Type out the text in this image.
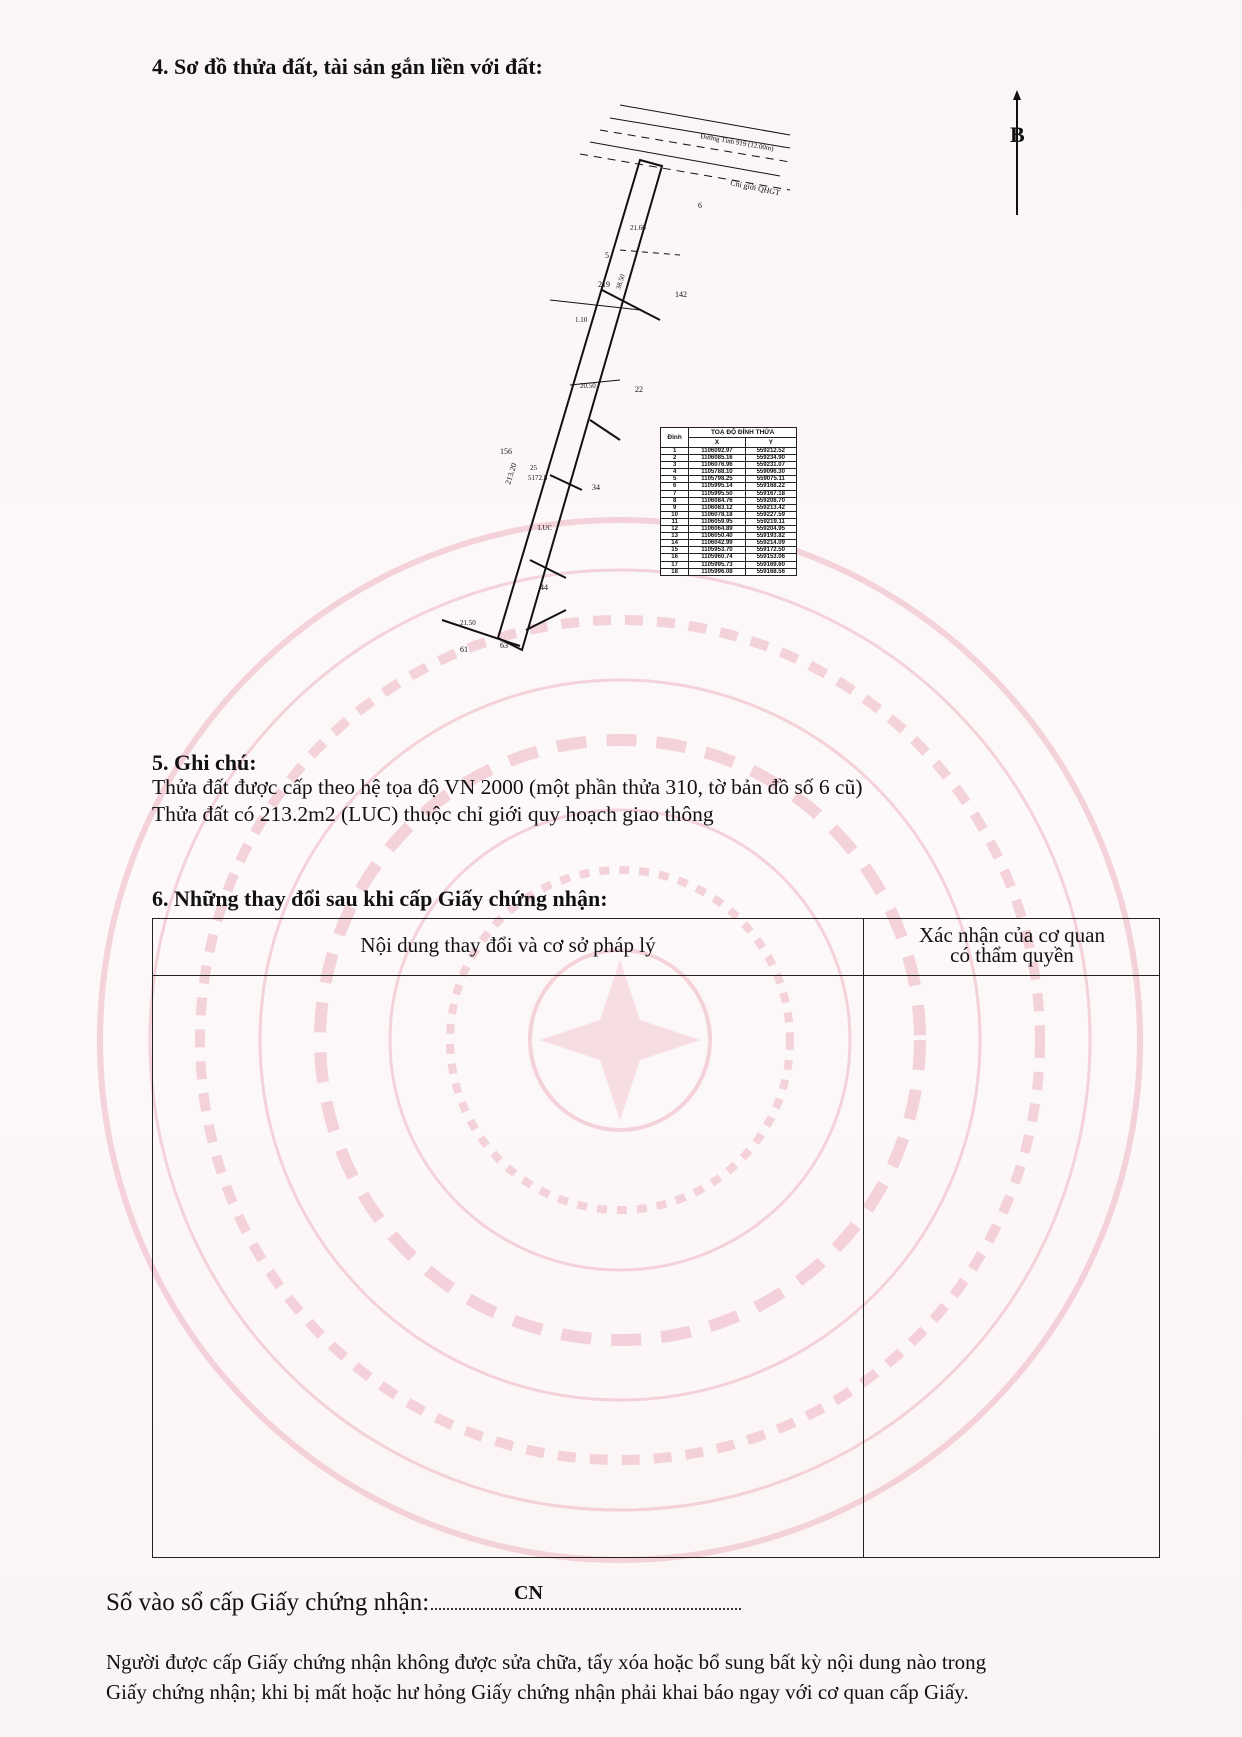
4. Sơ đồ thửa đất, tài sản gắn liền với đất:
B
Đường Tỉnh 919 (12.00m)
Chỉ giới QHGT
25
5172.8
LUC
213.20
21.60
1.10
20.50
38.50
21.50
6
5
219
142
22
156
34
44
61	63
Đỉnh	TOẠ ĐỘ ĐỈNH THỬA	
	X	Y
1	1106092.97	559212.52
2	1106085.16	559234.90
3	1106076.96	559231.07
4	1105788.10	559096.30
5	1105798.25	559075.11
6	1105995.14	559168.22
7	1105995.50	559167.18
8	1106084.76	559208.70
9	1106083.12	559213.42
10	1106078.18	559227.59
11	1106059.95	559219.11
12	1106064.89	559204.95
13	1106050.40	559193.82
14	1106042.99	559214.09
15	1105953.70	559172.50
16	1105960.74	559153.06
17	1105995.73	559169.60
18	1105996.08	559168.56
5. Ghi chú:
Thửa đất được cấp theo hệ tọa độ VN 2000 (một phần thửa 310, tờ bản đồ số 6 cũ)
Thửa đất có 213.2m2 (LUC) thuộc chỉ giới quy hoạch giao thông
6. Những thay đổi sau khi cấp Giấy chứng nhận:
Nội dung thay đổi và cơ sở pháp lý	Xác nhận của cơ quan
có thẩm quyền
Số vào sổ cấp Giấy chứng nhận:	CN
Người được cấp Giấy chứng nhận không được sửa chữa, tẩy xóa hoặc bổ sung bất kỳ nội dung nào trong
Giấy chứng nhận; khi bị mất hoặc hư hỏng Giấy chứng nhận phải khai báo ngay với cơ quan cấp Giấy.
